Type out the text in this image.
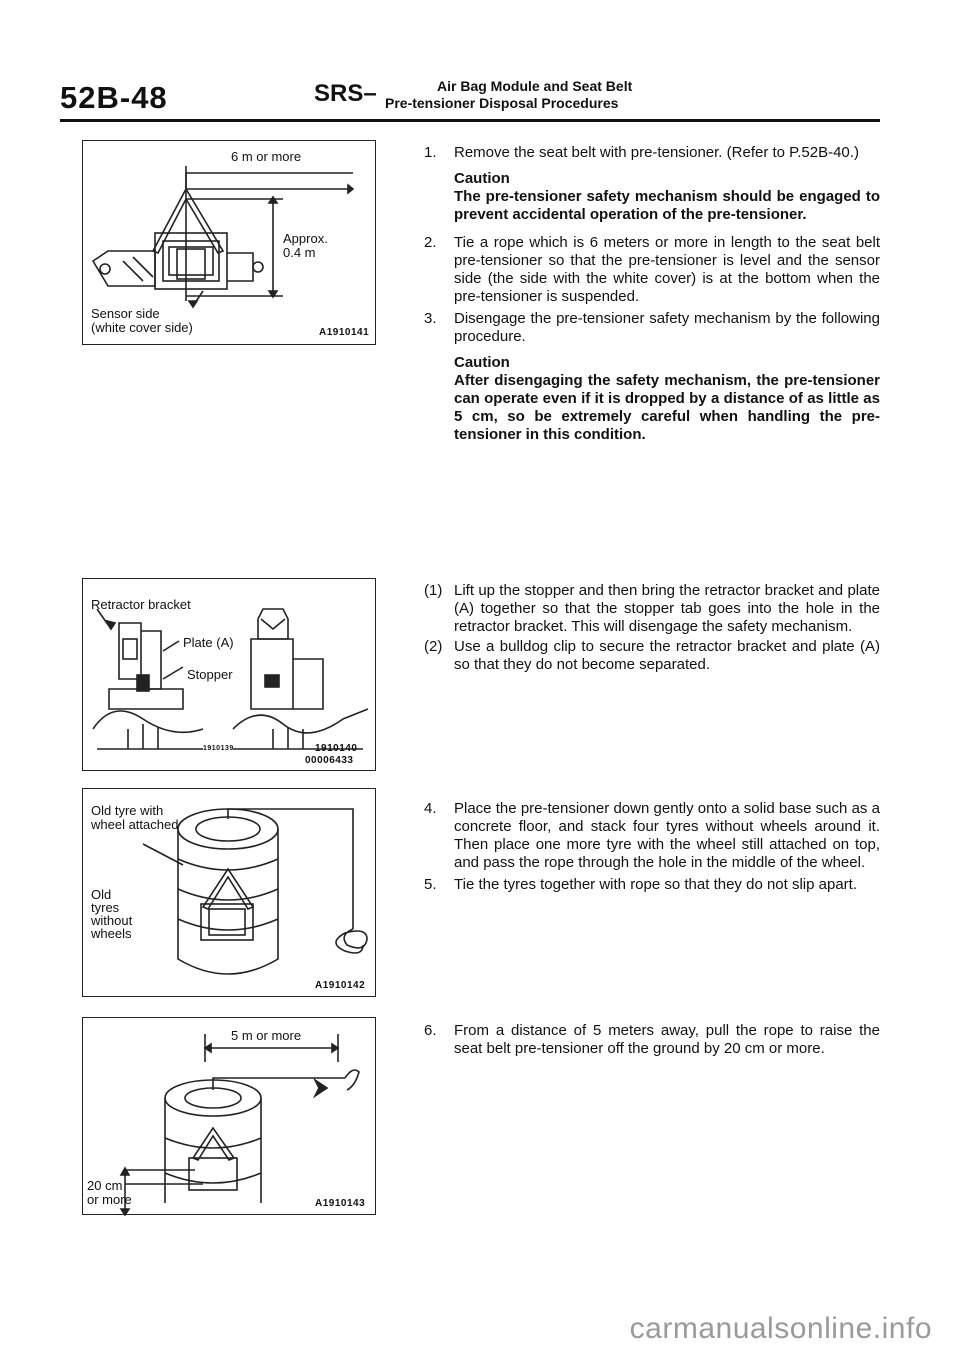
52B-48	SRS–	Air Bag Module and Seat Belt
Pre-tensioner Disposal Procedures
6 m or more
Approx.
0.4 m
Sensor side
(white cover side)	A1910141
Retractor bracket
Plate (A)
Stopper
1910139	1910140
00006433
Old tyre with
wheel attached
Old
tyres
without
wheels
A1910142
5 m or more
20 cm
or more	A1910143
1.	Remove the seat belt with pre-tensioner. (Refer to P.52B-40.)
Caution
The pre-tensioner safety mechanism should be engaged to prevent accidental operation of the pre-tensioner.
2.	Tie a rope which is 6 meters or more in length to the seat belt pre-tensioner so that the pre-tensioner is level and the sensor side (the side with the white cover) is at the bottom when the pre-tensioner is suspended.
3.	Disengage the pre-tensioner safety mechanism by the following procedure.
Caution
After disengaging the safety mechanism, the pre-tensioner can operate even if it is dropped by a distance of as little as 5 cm, so be extremely careful when handling the pre-tensioner in this condition.
(1) Lift up the stopper and then bring the retractor bracket and plate (A) together so that the stopper tab goes into the hole in the retractor bracket. This will disengage the safety mechanism.
(2) Use a bulldog clip to secure the retractor bracket and plate (A) so that they do not become separated.
4.	Place the pre-tensioner down gently onto a solid base such as a concrete floor, and stack four tyres without wheels around it. Then place one more tyre with the wheel still attached on top, and pass the rope through the hole in the middle of the wheel.
5.	Tie the tyres together with rope so that they do not slip apart.
6.	From a distance of 5 meters away, pull the rope to raise the seat belt pre-tensioner off the ground by 20 cm or more.
carmanualsonline.info
